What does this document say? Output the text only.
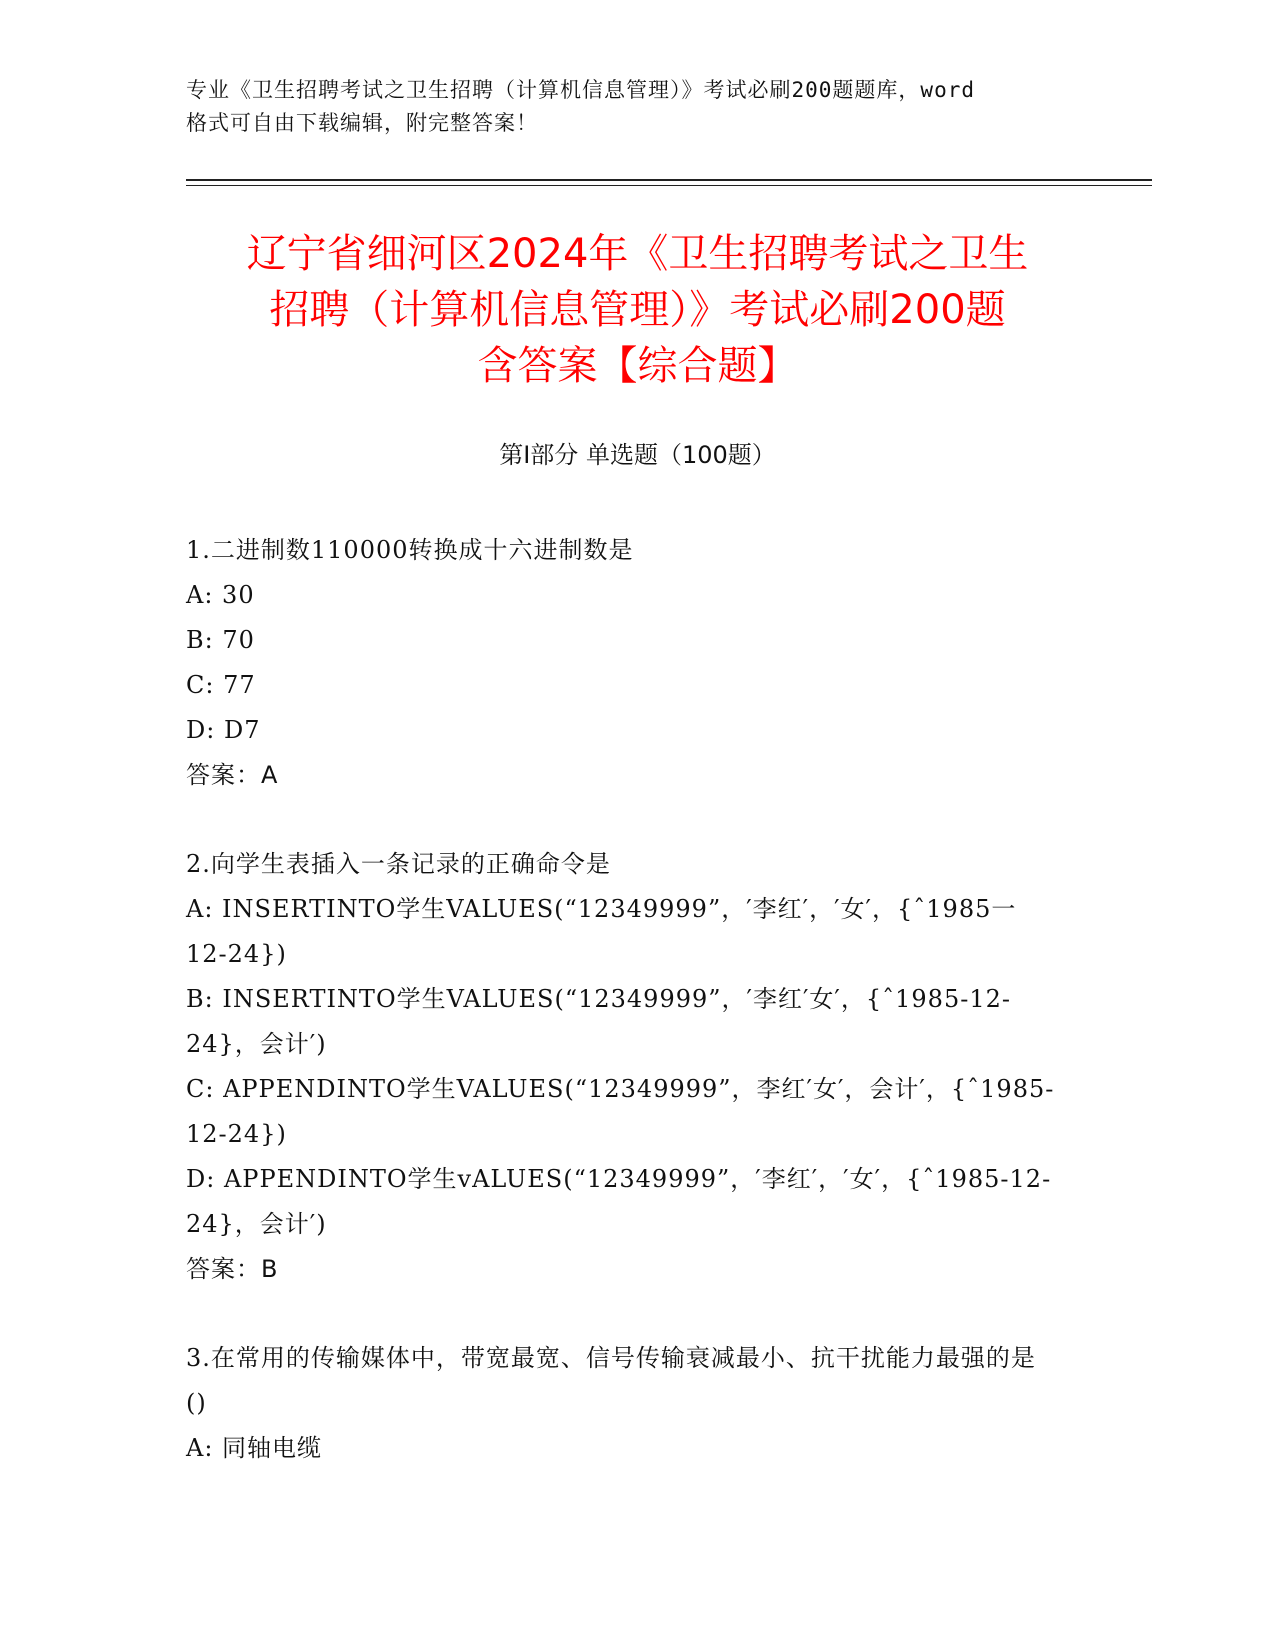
专业《卫生招聘考试之卫生招聘（计算机信息管理）》考试必刷200题题库，word
格式可自由下载编辑，附完整答案！
辽宁省细河区2024年《卫生招聘考试之卫生
招聘（计算机信息管理）》考试必刷200题
含答案【综合题】
第Ⅰ部分 单选题（100题）
1.二进制数110000转换成十六进制数是
A: 30
B: 70
C: 77
D: D7
答案：A
2.向学生表插入一条记录的正确命令是
A: INSERTINTO学生VALUES(“12349999”，′李红′，′女′，{ˆ1985一12-24})
B: INSERTINTO学生VALUES(“12349999”，′李红′女′，{ˆ1985-12-24}，会计′)
C: APPENDINTO学生VALUES(“12349999”，李红′女′，会计′，{ˆ1985-12-24})
D: APPENDINTO学生vALUES(“12349999”，′李红′，′女′，{ˆ1985-12-24}，会计′)
答案：B
3.在常用的传输媒体中，带宽最宽、信号传输衰减最小、抗干扰能力最强的是()
A: 同轴电缆
